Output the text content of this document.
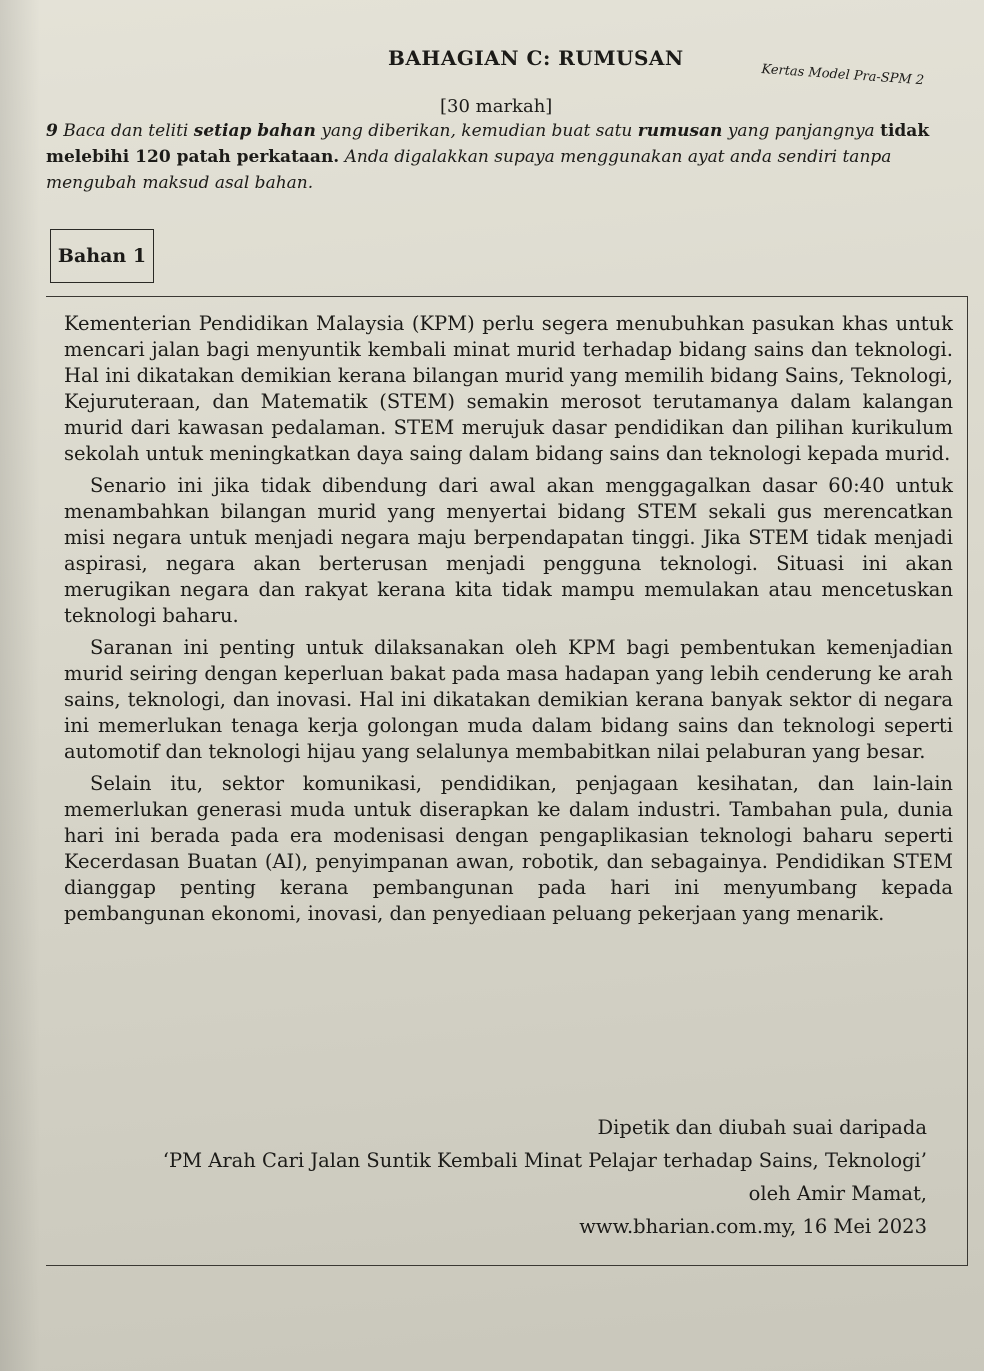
BAHAGIAN C: RUMUSAN
[30 markah]
Kertas Model Pra-SPM 2

9 Baca dan teliti setiap bahan yang diberikan, kemudian buat satu rumusan yang panjangnya tidak melebihi 120 patah perkataan. Anda digalakkan supaya menggunakan ayat anda sendiri tanpa mengubah maksud asal bahan.

Bahan 1

Kementerian Pendidikan Malaysia (KPM) perlu segera menubuhkan pasukan khas untuk mencari jalan bagi menyuntik kembali minat murid terhadap bidang sains dan teknologi. Hal ini dikatakan demikian kerana bilangan murid yang memilih bidang Sains, Teknologi, Kejuruteraan, dan Matematik (STEM) semakin merosot terutamanya dalam kalangan murid dari kawasan pedalaman. STEM merujuk dasar pendidikan dan pilihan kurikulum sekolah untuk meningkatkan daya saing dalam bidang sains dan teknologi kepada murid.

Senario ini jika tidak dibendung dari awal akan menggagalkan dasar 60:40 untuk menambahkan bilangan murid yang menyertai bidang STEM sekali gus merencatkan misi negara untuk menjadi negara maju berpendapatan tinggi. Jika STEM tidak menjadi aspirasi, negara akan berterusan menjadi pengguna teknologi. Situasi ini akan merugikan negara dan rakyat kerana kita tidak mampu memulakan atau mencetuskan teknologi baharu.

Saranan ini penting untuk dilaksanakan oleh KPM bagi pembentukan kemenjadian murid seiring dengan keperluan bakat pada masa hadapan yang lebih cenderung ke arah sains, teknologi, dan inovasi. Hal ini dikatakan demikian kerana banyak sektor di negara ini memerlukan tenaga kerja golongan muda dalam bidang sains dan teknologi seperti automotif dan teknologi hijau yang selalunya membabitkan nilai pelaburan yang besar.

Selain itu, sektor komunikasi, pendidikan, penjagaan kesihatan, dan lain-lain memerlukan generasi muda untuk diserapkan ke dalam industri. Tambahan pula, dunia hari ini berada pada era modenisasi dengan pengaplikasian teknologi baharu seperti Kecerdasan Buatan (AI), penyimpanan awan, robotik, dan sebagainya. Pendidikan STEM dianggap penting kerana pembangunan pada hari ini menyumbang kepada pembangunan ekonomi, inovasi, dan penyediaan peluang pekerjaan yang menarik.

Dipetik dan diubah suai daripada
‘PM Arah Cari Jalan Suntik Kembali Minat Pelajar terhadap Sains, Teknologi’
oleh Amir Mamat,
www.bharian.com.my, 16 Mei 2023
